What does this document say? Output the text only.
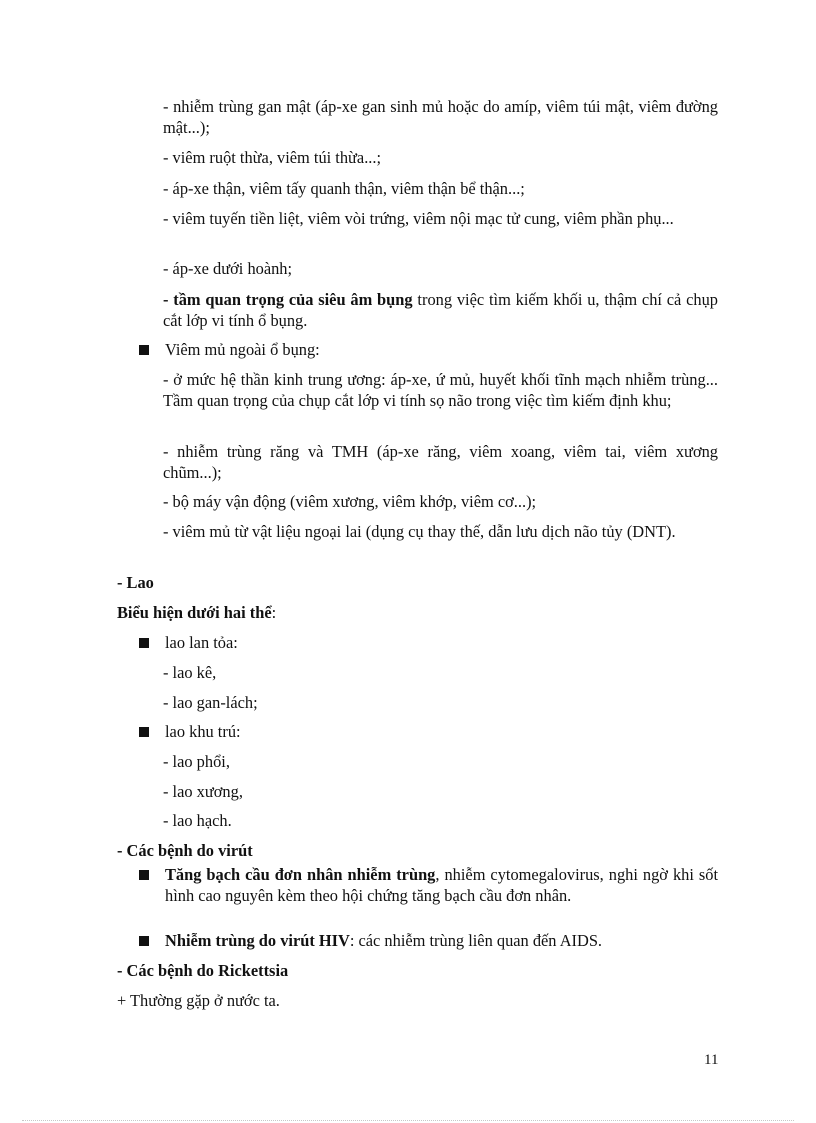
- nhiễm trùng gan mật (áp-xe gan sinh mủ hoặc do amíp, viêm túi mật, viêm đường mật...);

- viêm ruột thừa, viêm túi thừa...;

- áp-xe thận, viêm tấy quanh thận, viêm thận bể thận...;

- viêm tuyến tiền liệt, viêm vòi trứng, viêm nội mạc tử cung, viêm phần phụ...

- áp-xe dưới hoành;

- tầm quan trọng của siêu âm bụng trong việc tìm kiếm khối u, thậm chí cả chụp cắt lớp vi tính ổ bụng.

Viêm mủ ngoài ổ bụng:

- ở mức hệ thần kinh trung ương: áp-xe, ứ mủ, huyết khối tĩnh mạch nhiễm trùng... Tầm quan trọng của chụp cắt lớp vi tính sọ não trong việc tìm kiếm định khu;

- nhiễm trùng răng và TMH (áp-xe răng, viêm xoang, viêm tai, viêm xương chũm...);

- bộ máy vận động (viêm xương, viêm khớp, viêm cơ...);

- viêm mủ từ vật liệu ngoại lai (dụng cụ thay thế, dẫn lưu dịch não tủy (DNT).

- Lao

Biểu hiện dưới hai thể:

lao lan tỏa:

- lao kê,

- lao gan-lách;

lao khu trú:

- lao phổi,

- lao xương,

- lao hạch.

- Các bệnh do virút

Tăng bạch cầu đơn nhân nhiễm trùng, nhiễm cytomegalovirus, nghi ngờ khi sốt hình cao nguyên kèm theo hội chứng tăng bạch cầu đơn nhân.

Nhiễm trùng do virút HIV: các nhiễm trùng liên quan đến AIDS.

- Các bệnh do Rickettsia

+ Thường gặp ở nước ta.

11
